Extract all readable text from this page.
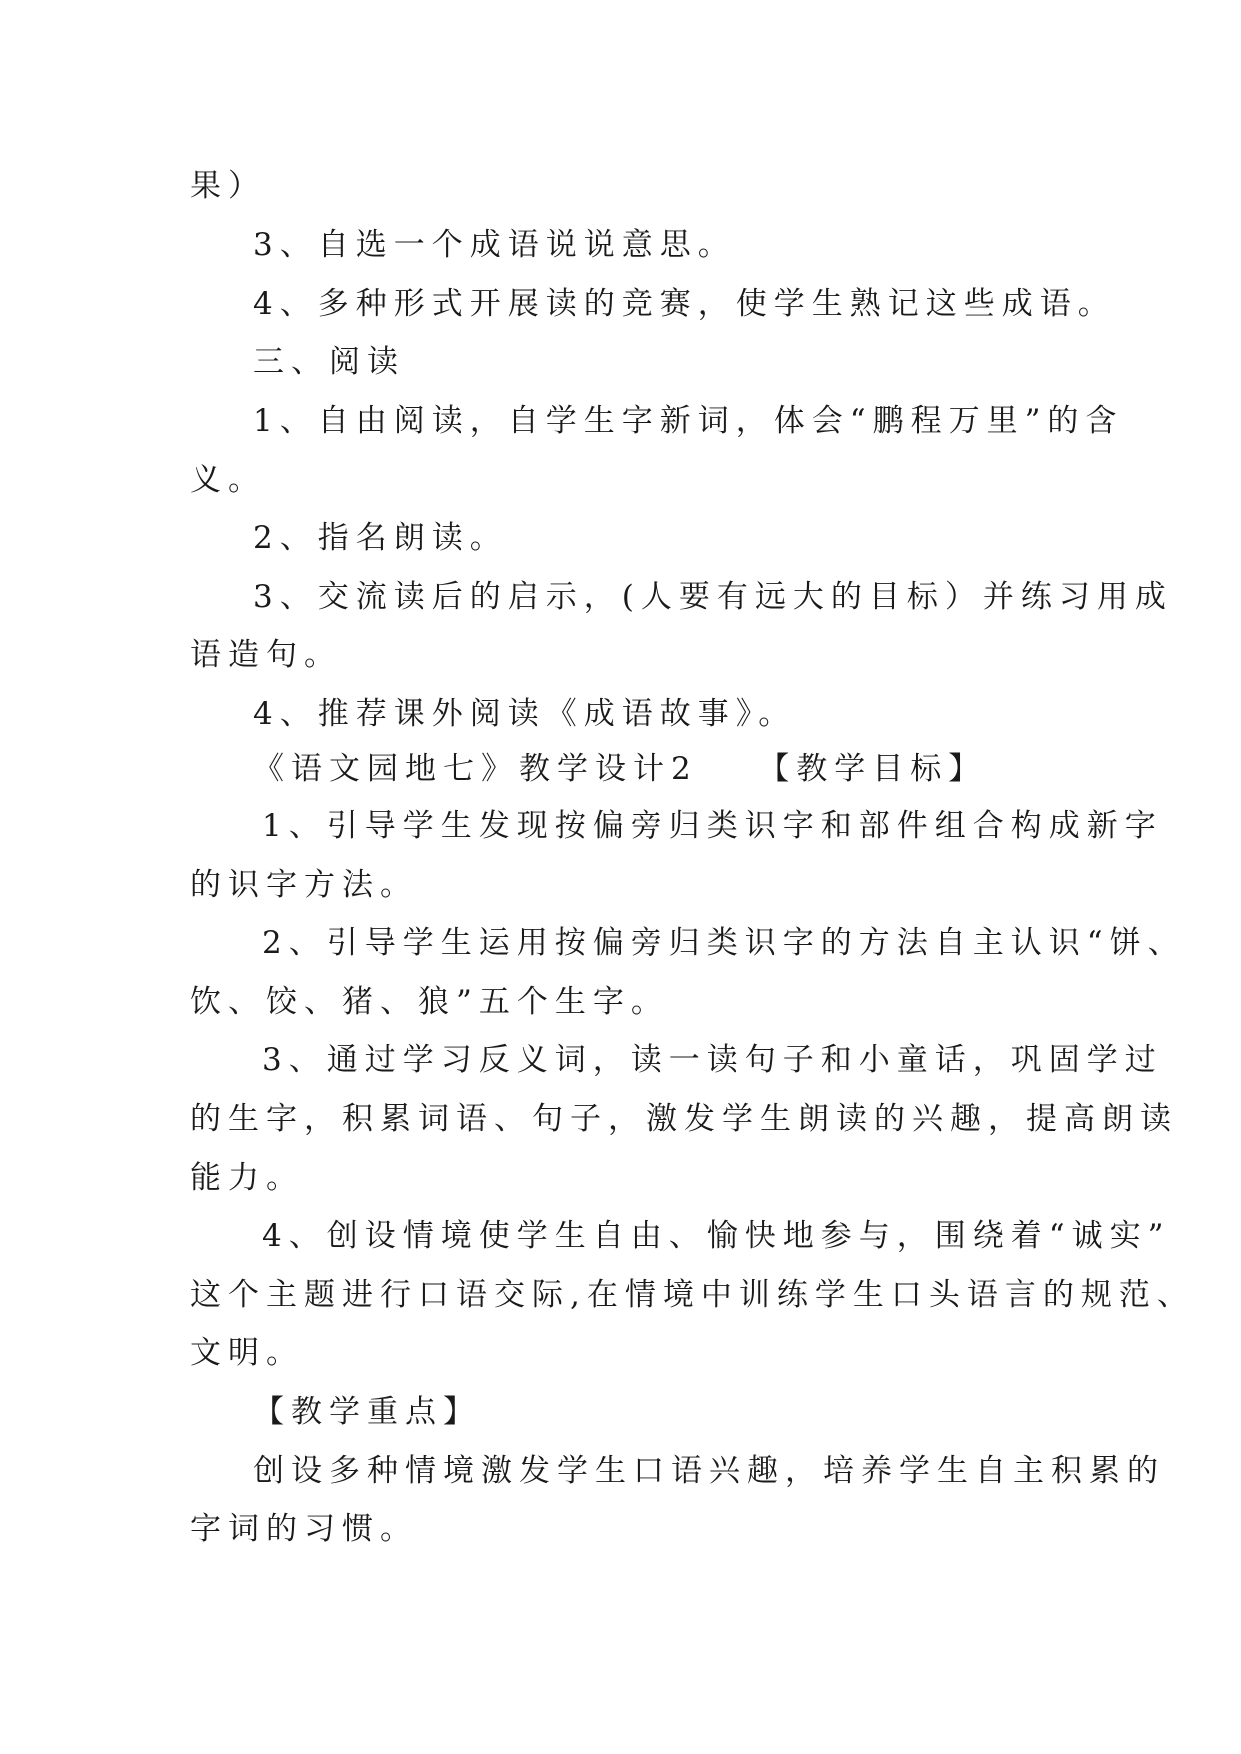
果）
3、自选一个成语说说意思。
4、多种形式开展读的竞赛，使学生熟记这些成语。
三、阅读
1、自由阅读，自学生字新词，体会“鹏程万里”的含
义。
2、指名朗读。
3、交流读后的启示，(人要有远大的目标）并练习用成
语造句。
4、推荐课外阅读《成语故事》。
《语文园地七》教学设计2　　【教学目标】
1、引导学生发现按偏旁归类识字和部件组合构成新字
的识字方法。
2、引导学生运用按偏旁归类识字的方法自主认识“饼、
饮、饺、猪、狼”五个生字。
3、通过学习反义词，读一读句子和小童话，巩固学过
的生字，积累词语、句子，激发学生朗读的兴趣，提高朗读
能力。
4、创设情境使学生自由、愉快地参与，围绕着“诚实”
这个主题进行口语交际,在情境中训练学生口头语言的规范、
文明。
【教学重点】
创设多种情境激发学生口语兴趣，培养学生自主积累的
字词的习惯。
